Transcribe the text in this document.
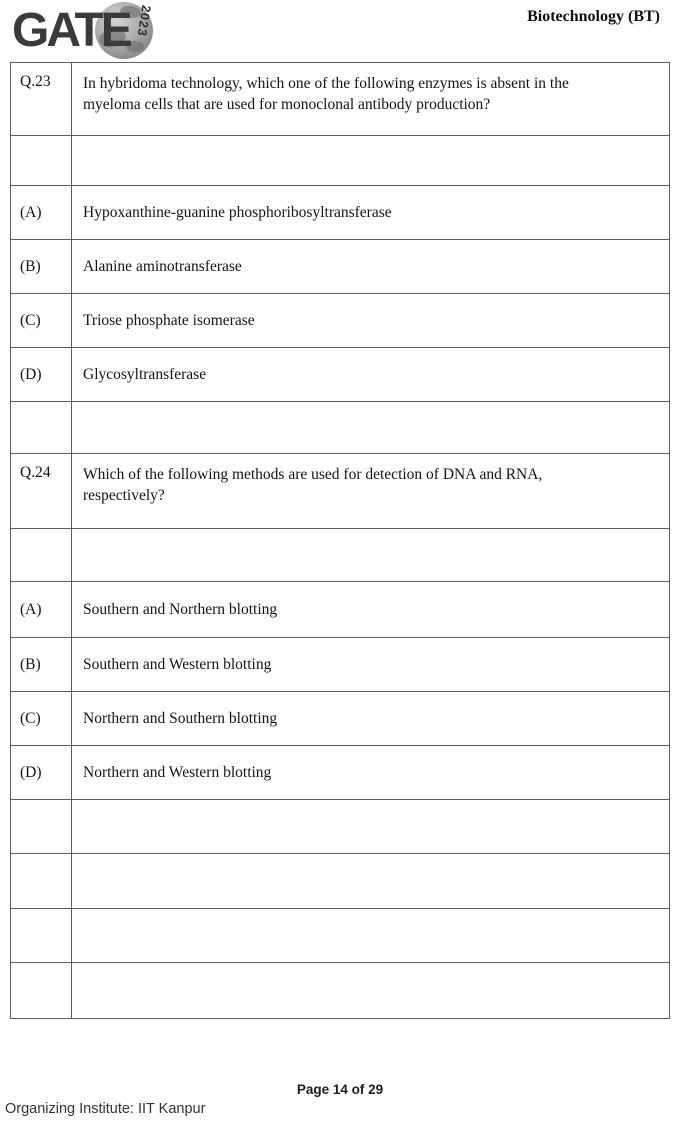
2023
GATE	Biotechnology (BT)
Q.23	In hybridoma technology, which one of the following enzymes is absent in the myeloma cells that are used for monoclonal antibody production?
(A)	Hypoxanthine-guanine phosphoribosyltransferase
(B)	Alanine aminotransferase
(C)	Triose phosphate isomerase
(D)	Glycosyltransferase
Q.24	Which of the following methods are used for detection of DNA and RNA, respectively?
(A)	Southern and Northern blotting
(B)	Southern and Western blotting
(C)	Northern and Southern blotting
(D)	Northern and Western blotting
Page 14 of 29
Organizing Institute: IIT Kanpur
